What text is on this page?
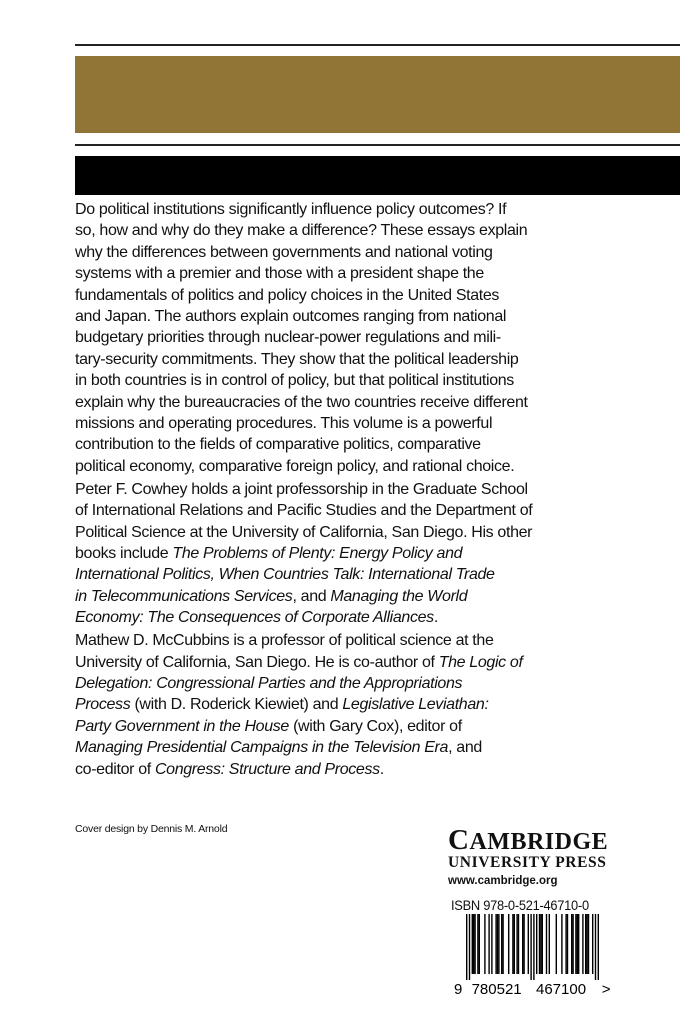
Do political institutions significantly influence policy outcomes? If
so, how and why do they make a difference? These essays explain
why the differences between governments and national voting
systems with a premier and those with a president shape the
fundamentals of politics and policy choices in the United States
and Japan. The authors explain outcomes ranging from national
budgetary priorities through nuclear-power regulations and mili-
tary-security commitments. They show that the political leadership
in both countries is in control of policy, but that political institutions
explain why the bureaucracies of the two countries receive different
missions and operating procedures. This volume is a powerful
contribution to the fields of comparative politics, comparative
political economy, comparative foreign policy, and rational choice.
Peter F. Cowhey holds a joint professorship in the Graduate School
of International Relations and Pacific Studies and the Department of
Political Science at the University of California, San Diego. His other
books include The Problems of Plenty: Energy Policy and
International Politics, When Countries Talk: International Trade
in Telecommunications Services, and Managing the World
Economy: The Consequences of Corporate Alliances.
Mathew D. McCubbins is a professor of political science at the
University of California, San Diego. He is co-author of The Logic of
Delegation: Congressional Parties and the Appropriations
Process (with D. Roderick Kiewiet) and Legislative Leviathan:
Party Government in the House (with Gary Cox), editor of
Managing Presidential Campaigns in the Television Era, and
co-editor of Congress: Structure and Process.
Cover design by Dennis M. Arnold	CAMBRIDGE
UNIVERSITY PRESS
www.cambridge.org
ISBN 978-0-521-46710-0
9 780521 467100 >
